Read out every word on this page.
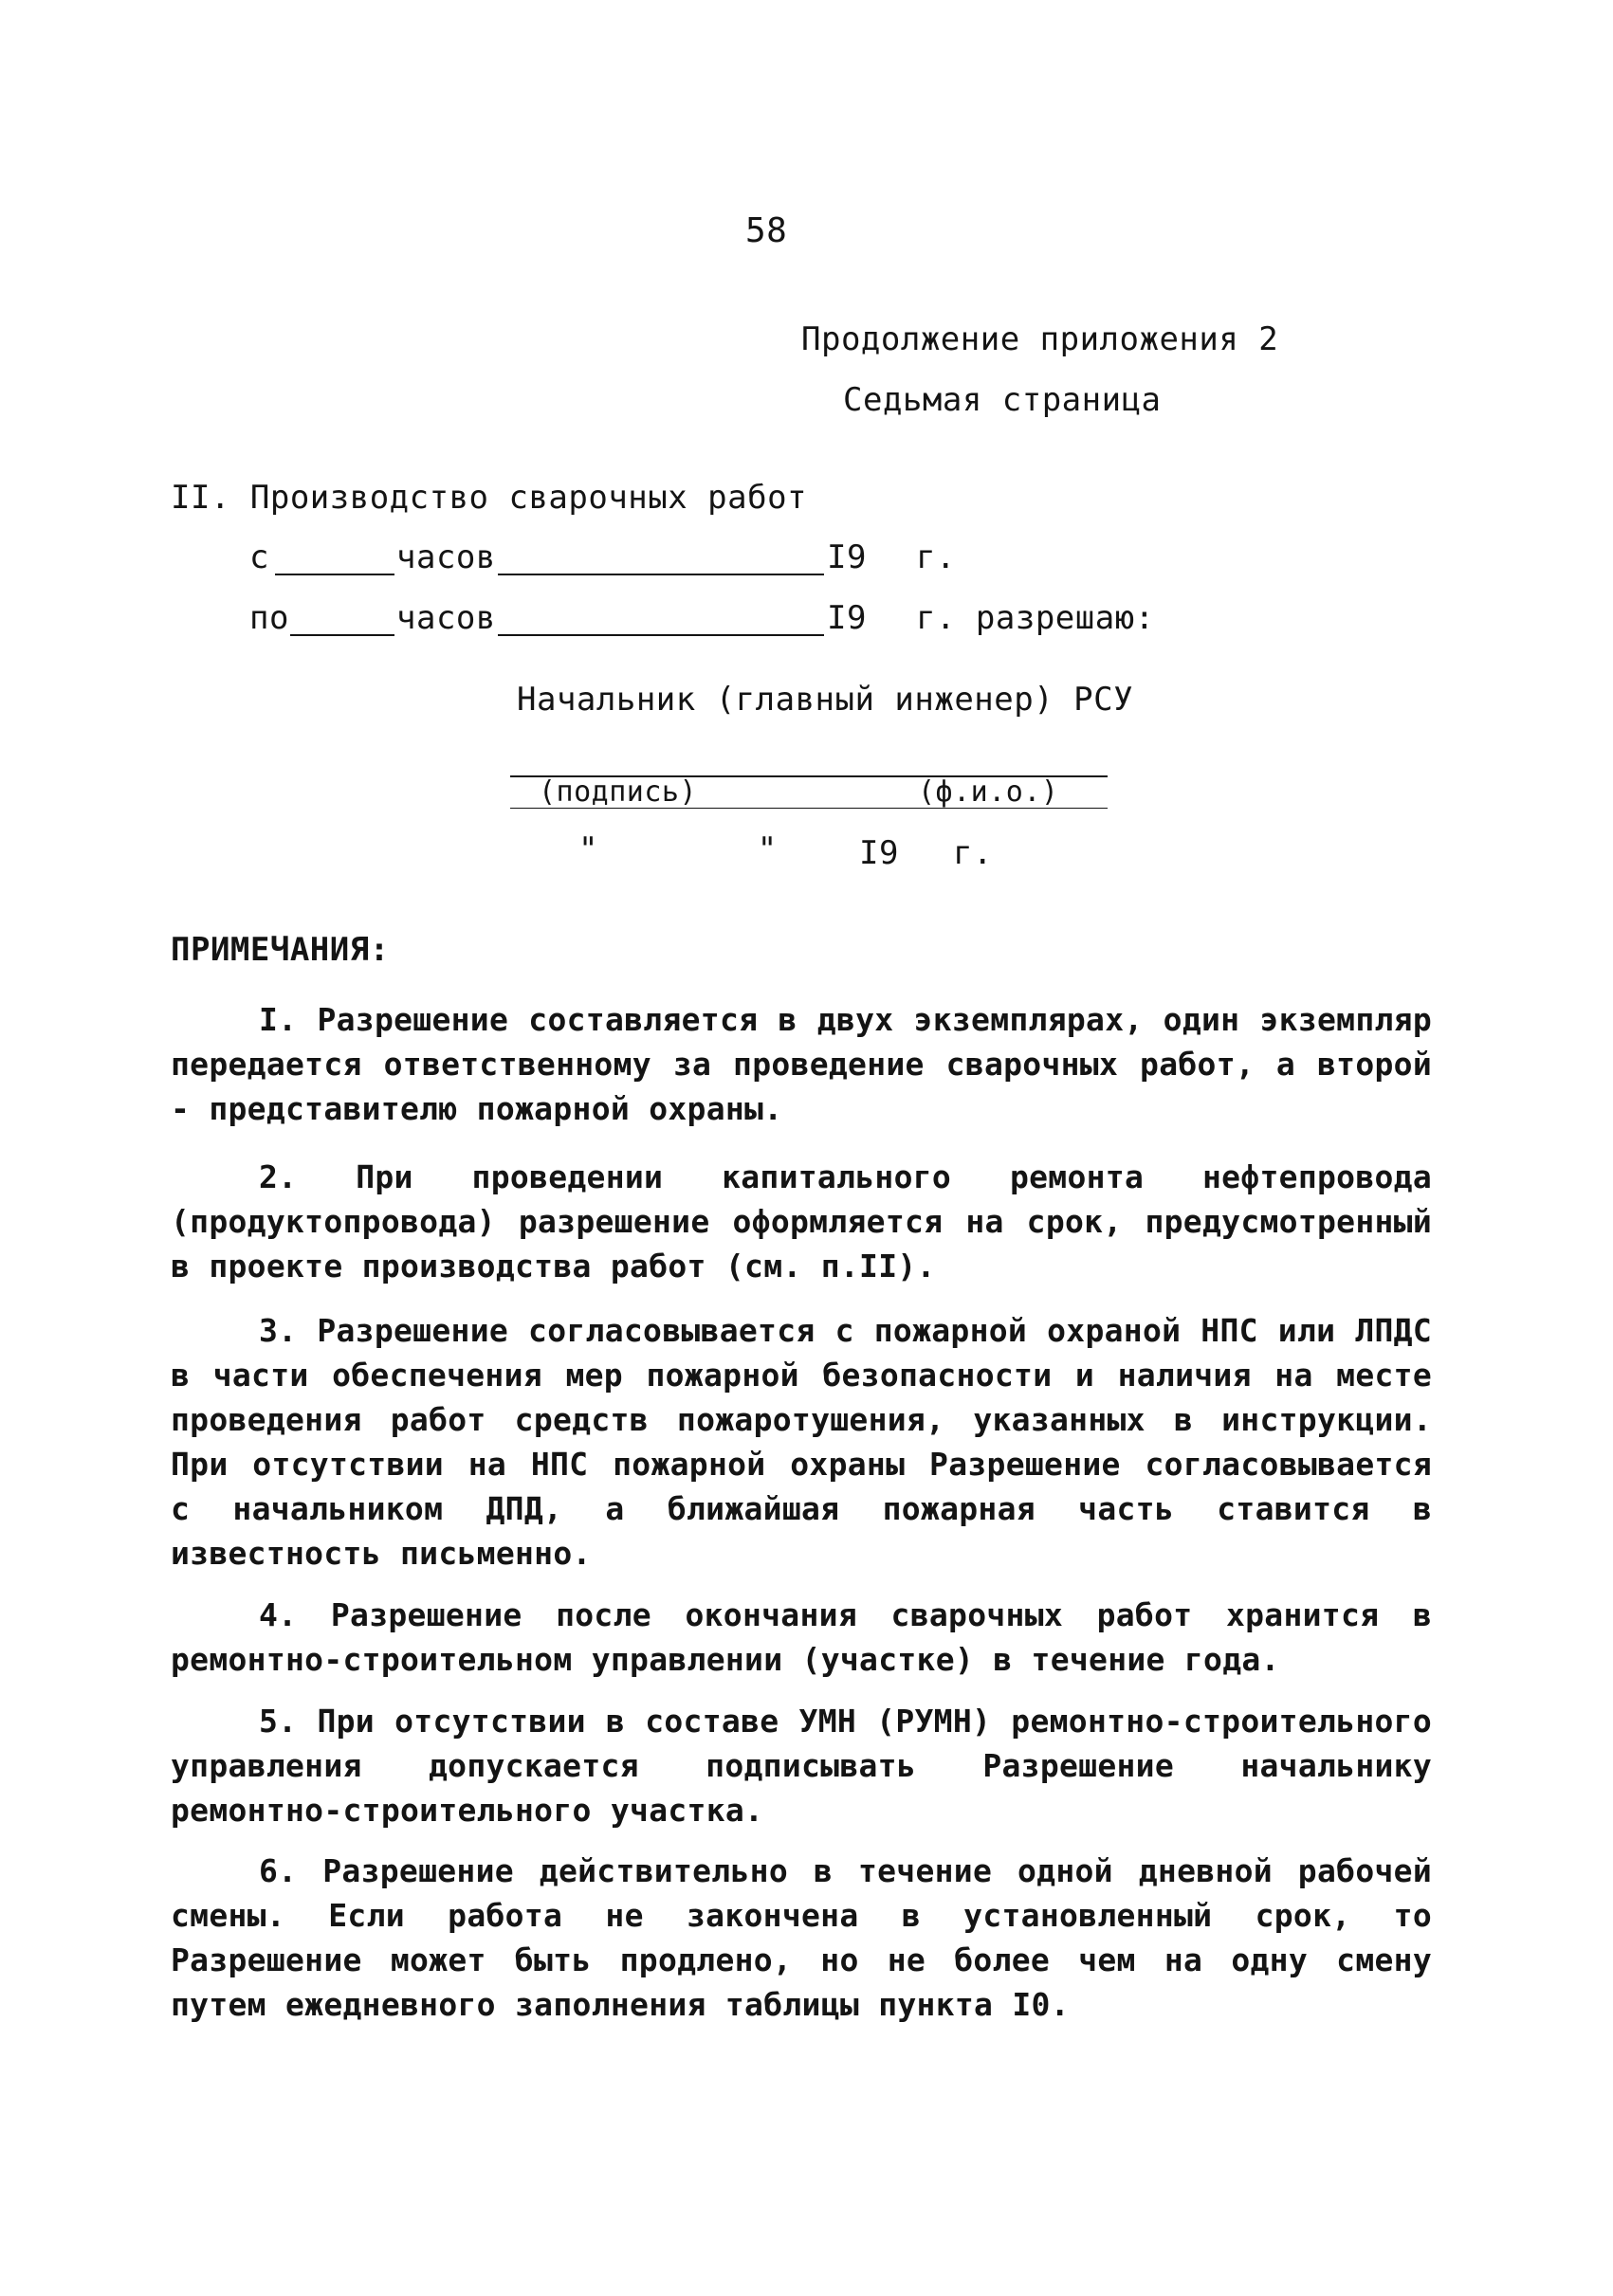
58
Продолжение приложения 2
Седьмая страница
II. Производство сварочных работ
с	часов	I9 г.
по	часов	I9 г. разрешаю:
Начальник (главный инженер) РСУ
(подпись)	(ф.и.о.)
"        "	I9 г.
ПРИМЕЧАНИЯ:
I. Разрешение составляется в двух экземплярах, один экземпляр передается ответственному за проведение сварочных работ, а второй - представителю пожарной охраны.
2. При проведении капитального ремонта нефтепровода (продуктопровода) разрешение оформляется на срок, предусмотренный в проекте производства работ (см. п.II).
3. Разрешение согласовывается с пожарной охраной НПС или ЛПДС в части обеспечения мер пожарной безопасности и наличия на месте проведения работ средств пожаротушения, указанных в инструкции. При отсутствии на НПС пожарной охраны Разрешение согласовывается с начальником ДПД, а ближайшая пожарная часть ставится в известность письменно.
4. Разрешение после окончания сварочных работ хранится в ремонтно-строительном управлении (участке) в течение года.
5. При отсутствии в составе УМН (РУМН) ремонтно-строительного управления допускается подписывать Разрешение начальнику ремонтно-строительного участка.
6. Разрешение действительно в течение одной дневной рабочей смены. Если работа не закончена в установленный срок, то Разрешение может быть продлено, но не более чем на одну смену путем ежедневного заполнения таблицы пункта I0.
